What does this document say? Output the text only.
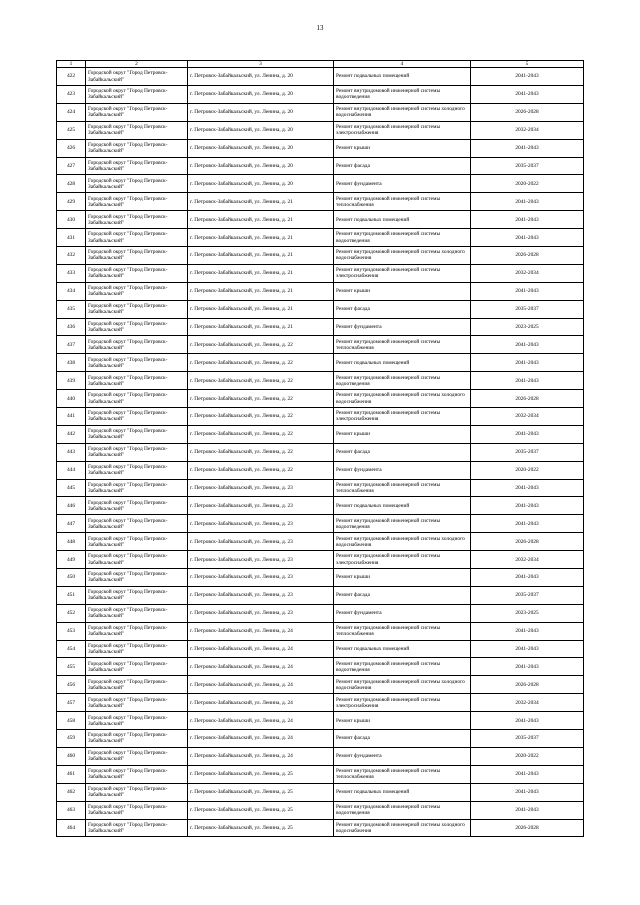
13
1	2	3	4	5
422	Городской округ "Город Петровск-Забайкальский"	г. Петровск-Забайкальский, ул. Ленина, д. 20	Ремонт подвальных помещений	2041-2043
423	Городской округ "Город Петровск-Забайкальский"	г. Петровск-Забайкальский, ул. Ленина, д. 20	Ремонт внутридомовой инженерной системы водоотведения	2041-2043
424	Городской округ "Город Петровск-Забайкальский"	г. Петровск-Забайкальский, ул. Ленина, д. 20	Ремонт внутридомовой инженерной системы холодного водоснабжения	2026-2028
425	Городской округ "Город Петровск-Забайкальский"	г. Петровск-Забайкальский, ул. Ленина, д. 20	Ремонт внутридомовой инженерной системы электроснабжения	2032-2034
426	Городской округ "Город Петровск-Забайкальский"	г. Петровск-Забайкальский, ул. Ленина, д. 20	Ремонт крыши	2041-2043
427	Городской округ "Город Петровск-Забайкальский"	г. Петровск-Забайкальский, ул. Ленина, д. 20	Ремонт фасада	2035-2037
428	Городской округ "Город Петровск-Забайкальский"	г. Петровск-Забайкальский, ул. Ленина, д. 20	Ремонт фундамента	2020-2022
429	Городской округ "Город Петровск-Забайкальский"	г. Петровск-Забайкальский, ул. Ленина, д. 21	Ремонт внутридомовой инженерной системы теплоснабжения	2041-2043
430	Городской округ "Город Петровск-Забайкальский"	г. Петровск-Забайкальский, ул. Ленина, д. 21	Ремонт подвальных помещений	2041-2043
431	Городской округ "Город Петровск-Забайкальский"	г. Петровск-Забайкальский, ул. Ленина, д. 21	Ремонт внутридомовой инженерной системы водоотведения	2041-2043
432	Городской округ "Город Петровск-Забайкальский"	г. Петровск-Забайкальский, ул. Ленина, д. 21	Ремонт внутридомовой инженерной системы холодного водоснабжения	2026-2028
433	Городской округ "Город Петровск-Забайкальский"	г. Петровск-Забайкальский, ул. Ленина, д. 21	Ремонт внутридомовой инженерной системы электроснабжения	2032-2034
434	Городской округ "Город Петровск-Забайкальский"	г. Петровск-Забайкальский, ул. Ленина, д. 21	Ремонт крыши	2041-2043
435	Городской округ "Город Петровск-Забайкальский"	г. Петровск-Забайкальский, ул. Ленина, д. 21	Ремонт фасада	2035-2037
436	Городской округ "Город Петровск-Забайкальский"	г. Петровск-Забайкальский, ул. Ленина, д. 21	Ремонт фундамента	2023-2025
437	Городской округ "Город Петровск-Забайкальский"	г. Петровск-Забайкальский, ул. Ленина, д. 22	Ремонт внутридомовой инженерной системы теплоснабжения	2041-2043
438	Городской округ "Город Петровск-Забайкальский"	г. Петровск-Забайкальский, ул. Ленина, д. 22	Ремонт подвальных помещений	2041-2043
439	Городской округ "Город Петровск-Забайкальский"	г. Петровск-Забайкальский, ул. Ленина, д. 22	Ремонт внутридомовой инженерной системы водоотведения	2041-2043
440	Городской округ "Город Петровск-Забайкальский"	г. Петровск-Забайкальский, ул. Ленина, д. 22	Ремонт внутридомовой инженерной системы холодного водоснабжения	2026-2028
441	Городской округ "Город Петровск-Забайкальский"	г. Петровск-Забайкальский, ул. Ленина, д. 22	Ремонт внутридомовой инженерной системы электроснабжения	2032-2034
442	Городской округ "Город Петровск-Забайкальский"	г. Петровск-Забайкальский, ул. Ленина, д. 22	Ремонт крыши	2041-2043
443	Городской округ "Город Петровск-Забайкальский"	г. Петровск-Забайкальский, ул. Ленина, д. 22	Ремонт фасада	2035-2037
444	Городской округ "Город Петровск-Забайкальский"	г. Петровск-Забайкальский, ул. Ленина, д. 22	Ремонт фундамента	2020-2022
445	Городской округ "Город Петровск-Забайкальский"	г. Петровск-Забайкальский, ул. Ленина, д. 23	Ремонт внутридомовой инженерной системы теплоснабжения	2041-2043
446	Городской округ "Город Петровск-Забайкальский"	г. Петровск-Забайкальский, ул. Ленина, д. 23	Ремонт подвальных помещений	2041-2043
447	Городской округ "Город Петровск-Забайкальский"	г. Петровск-Забайкальский, ул. Ленина, д. 23	Ремонт внутридомовой инженерной системы водоотведения	2041-2043
448	Городской округ "Город Петровск-Забайкальский"	г. Петровск-Забайкальский, ул. Ленина, д. 23	Ремонт внутридомовой инженерной системы холодного водоснабжения	2026-2028
449	Городской округ "Город Петровск-Забайкальский"	г. Петровск-Забайкальский, ул. Ленина, д. 23	Ремонт внутридомовой инженерной системы электроснабжения	2032-2034
450	Городской округ "Город Петровск-Забайкальский"	г. Петровск-Забайкальский, ул. Ленина, д. 23	Ремонт крыши	2041-2043
451	Городской округ "Город Петровск-Забайкальский"	г. Петровск-Забайкальский, ул. Ленина, д. 23	Ремонт фасада	2035-2037
452	Городской округ "Город Петровск-Забайкальский"	г. Петровск-Забайкальский, ул. Ленина, д. 23	Ремонт фундамента	2023-2025
453	Городской округ "Город Петровск-Забайкальский"	г. Петровск-Забайкальский, ул. Ленина, д. 24	Ремонт внутридомовой инженерной системы теплоснабжения	2041-2043
454	Городской округ "Город Петровск-Забайкальский"	г. Петровск-Забайкальский, ул. Ленина, д. 24	Ремонт подвальных помещений	2041-2043
455	Городской округ "Город Петровск-Забайкальский"	г. Петровск-Забайкальский, ул. Ленина, д. 24	Ремонт внутридомовой инженерной системы водоотведения	2041-2043
456	Городской округ "Город Петровск-Забайкальский"	г. Петровск-Забайкальский, ул. Ленина, д. 24	Ремонт внутридомовой инженерной системы холодного водоснабжения	2026-2028
457	Городской округ "Город Петровск-Забайкальский"	г. Петровск-Забайкальский, ул. Ленина, д. 24	Ремонт внутридомовой инженерной системы электроснабжения	2032-2034
458	Городской округ "Город Петровск-Забайкальский"	г. Петровск-Забайкальский, ул. Ленина, д. 24	Ремонт крыши	2041-2043
459	Городской округ "Город Петровск-Забайкальский"	г. Петровск-Забайкальский, ул. Ленина, д. 24	Ремонт фасада	2035-2037
460	Городской округ "Город Петровск-Забайкальский"	г. Петровск-Забайкальский, ул. Ленина, д. 24	Ремонт фундамента	2020-2022
461	Городской округ "Город Петровск-Забайкальский"	г. Петровск-Забайкальский, ул. Ленина, д. 25	Ремонт внутридомовой инженерной системы теплоснабжения	2041-2043
462	Городской округ "Город Петровск-Забайкальский"	г. Петровск-Забайкальский, ул. Ленина, д. 25	Ремонт подвальных помещений	2041-2043
463	Городской округ "Город Петровск-Забайкальский"	г. Петровск-Забайкальский, ул. Ленина, д. 25	Ремонт внутридомовой инженерной системы водоотведения	2041-2043
464	Городской округ "Город Петровск-Забайкальский"	г. Петровск-Забайкальский, ул. Ленина, д. 25	Ремонт внутридомовой инженерной системы холодного водоснабжения	2026-2028
